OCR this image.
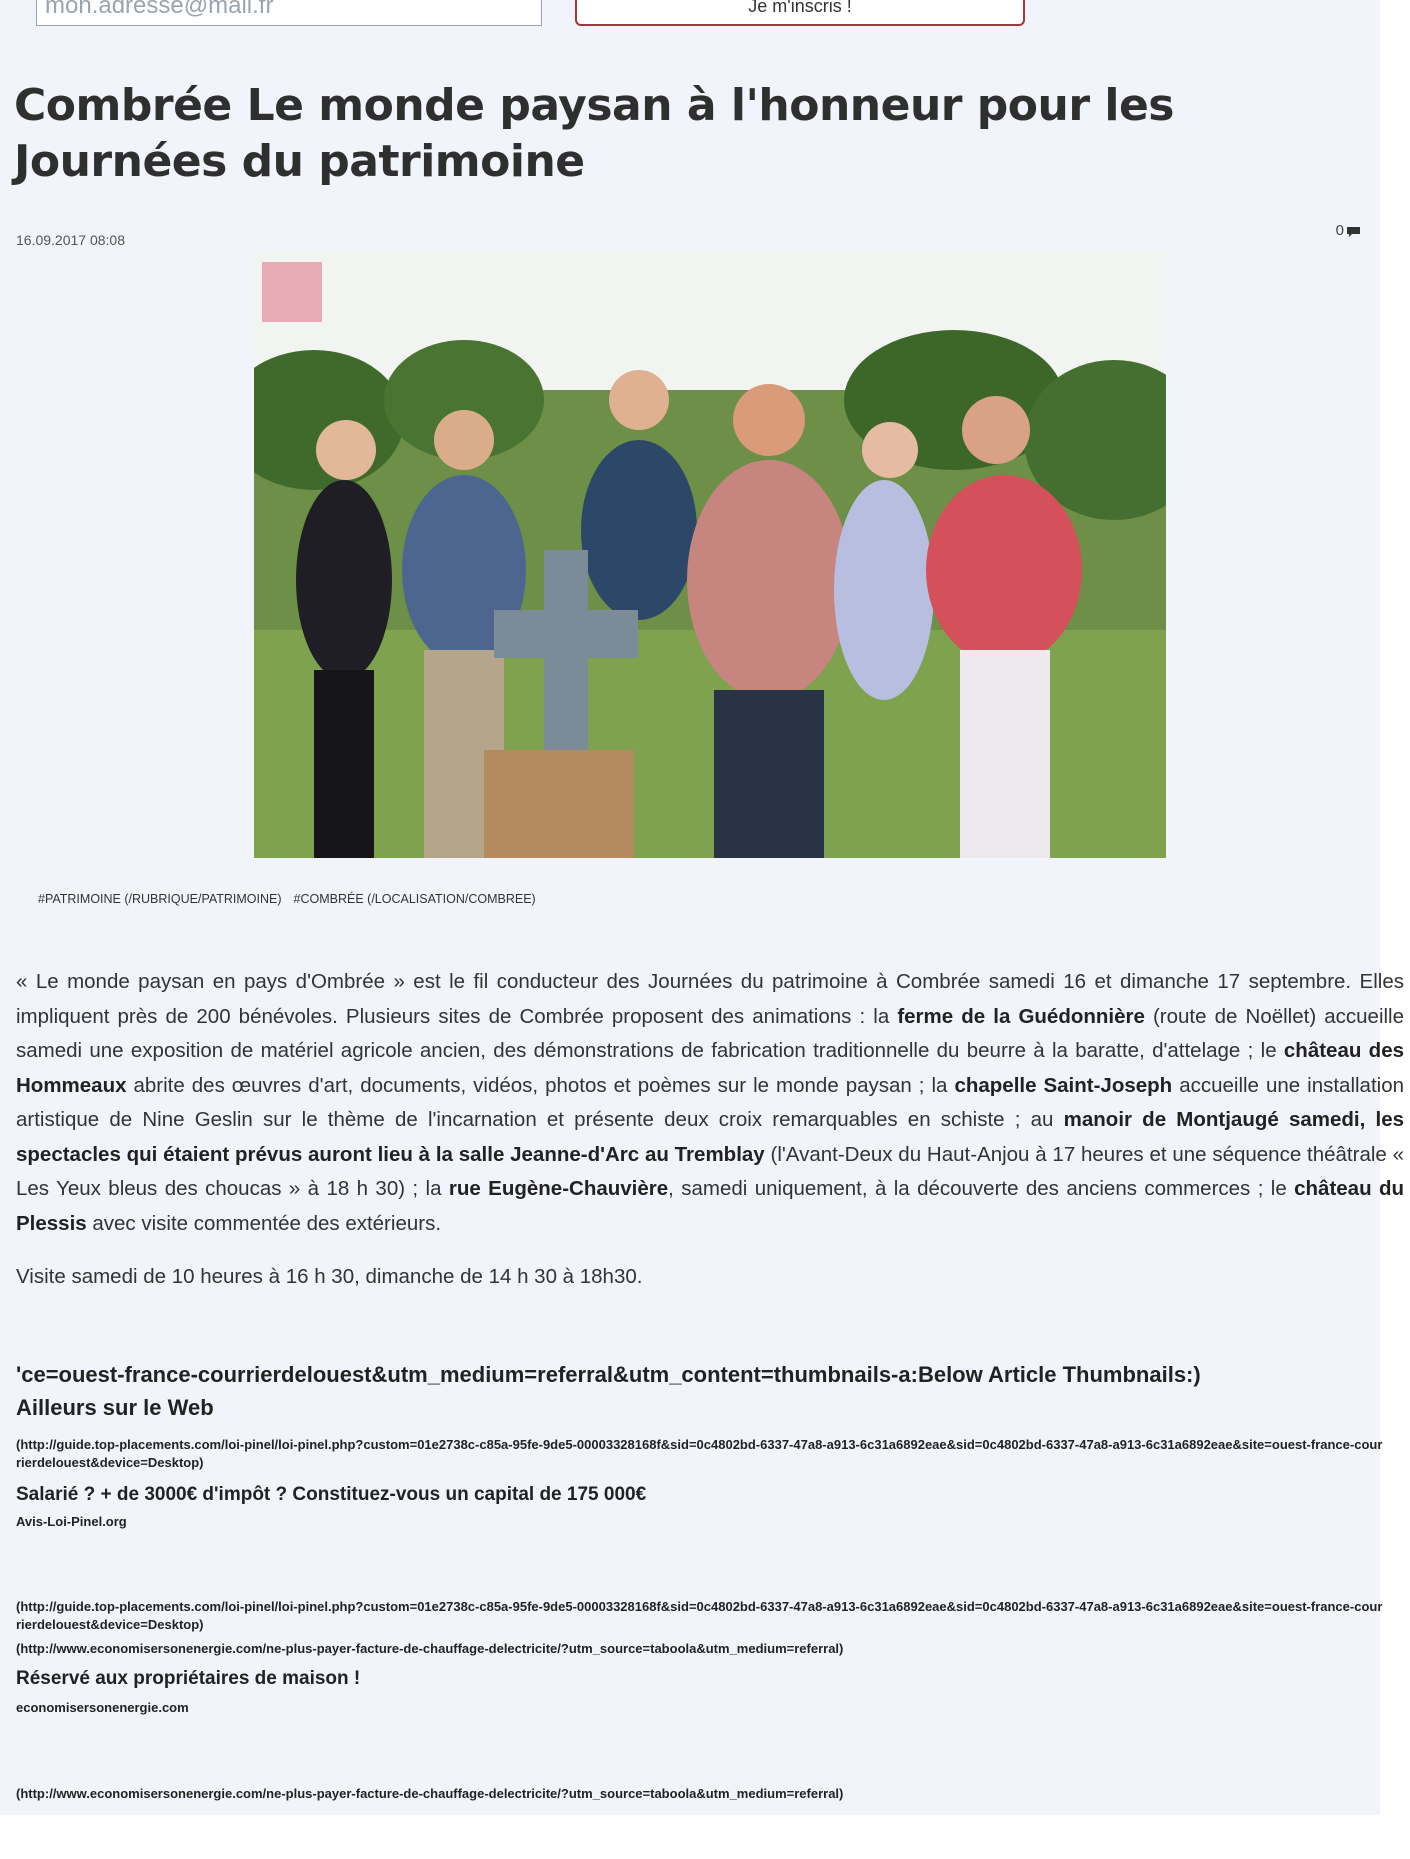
mon.adresse@mail.fr
Je m'inscris !
Combrée Le monde paysan à l'honneur pour les Journées du patrimoine
16.09.2017 08:08
0
#PATRIMOINE (/RUBRIQUE/PATRIMOINE) #COMBRÉE (/LOCALISATION/COMBREE)

« Le monde paysan en pays d'Ombrée » est le fil conducteur des Journées du patrimoine à Combrée samedi 16 et dimanche 17 septembre. Elles impliquent près de 200 bénévoles. Plusieurs sites de Combrée proposent des animations : la ferme de la Guédonnière (route de Noëllet) accueille samedi une exposition de matériel agricole ancien, des démonstrations de fabrication traditionnelle du beurre à la baratte, d'attelage ; le château des Hommeaux abrite des œuvres d'art, documents, vidéos, photos et poèmes sur le monde paysan ; la chapelle Saint-Joseph accueille une installation artistique de Nine Geslin sur le thème de l'incarnation et présente deux croix remarquables en schiste ; au manoir de Montjaugé samedi, les spectacles qui étaient prévus auront lieu à la salle Jeanne-d'Arc au Tremblay (l'Avant-Deux du Haut-Anjou à 17 heures et une séquence théâtrale « Les Yeux bleus des choucas » à 18 h 30) ; la rue Eugène-Chauvière, samedi uniquement, à la découverte des anciens commerces ; le château du Plessis avec visite commentée des extérieurs.

Visite samedi de 10 heures à 16 h 30, dimanche de 14 h 30 à 18h30.

'ce=ouest-france-courrierdelouest&utm_medium=referral&utm_content=thumbnails-a:Below Article Thumbnails:)
Ailleurs sur le Web
(http://guide.top-placements.com/loi-pinel/loi-pinel.php?custom=01e2738c-c85a-95fe-9de5-00003328168f&sid=0c4802bd-6337-47a8-a913-6c31a6892eae&sid=0c4802bd-6337-47a8-a913-6c31a6892eae&site=ouest-france-courrierdelouest&device=Desktop)
Salarié ? + de 3000€ d'impôt ? Constituez-vous un capital de 175 000€
Avis-Loi-Pinel.org
(http://guide.top-placements.com/loi-pinel/loi-pinel.php?custom=01e2738c-c85a-95fe-9de5-00003328168f&sid=0c4802bd-6337-47a8-a913-6c31a6892eae&sid=0c4802bd-6337-47a8-a913-6c31a6892eae&site=ouest-france-courrierdelouest&device=Desktop)
(http://www.economisersonenergie.com/ne-plus-payer-facture-de-chauffage-delectricite/?utm_source=taboola&utm_medium=referral)
Réservé aux propriétaires de maison !
economisersonenergie.com
(http://www.economisersonenergie.com/ne-plus-payer-facture-de-chauffage-delectricite/?utm_source=taboola&utm_medium=referral)
